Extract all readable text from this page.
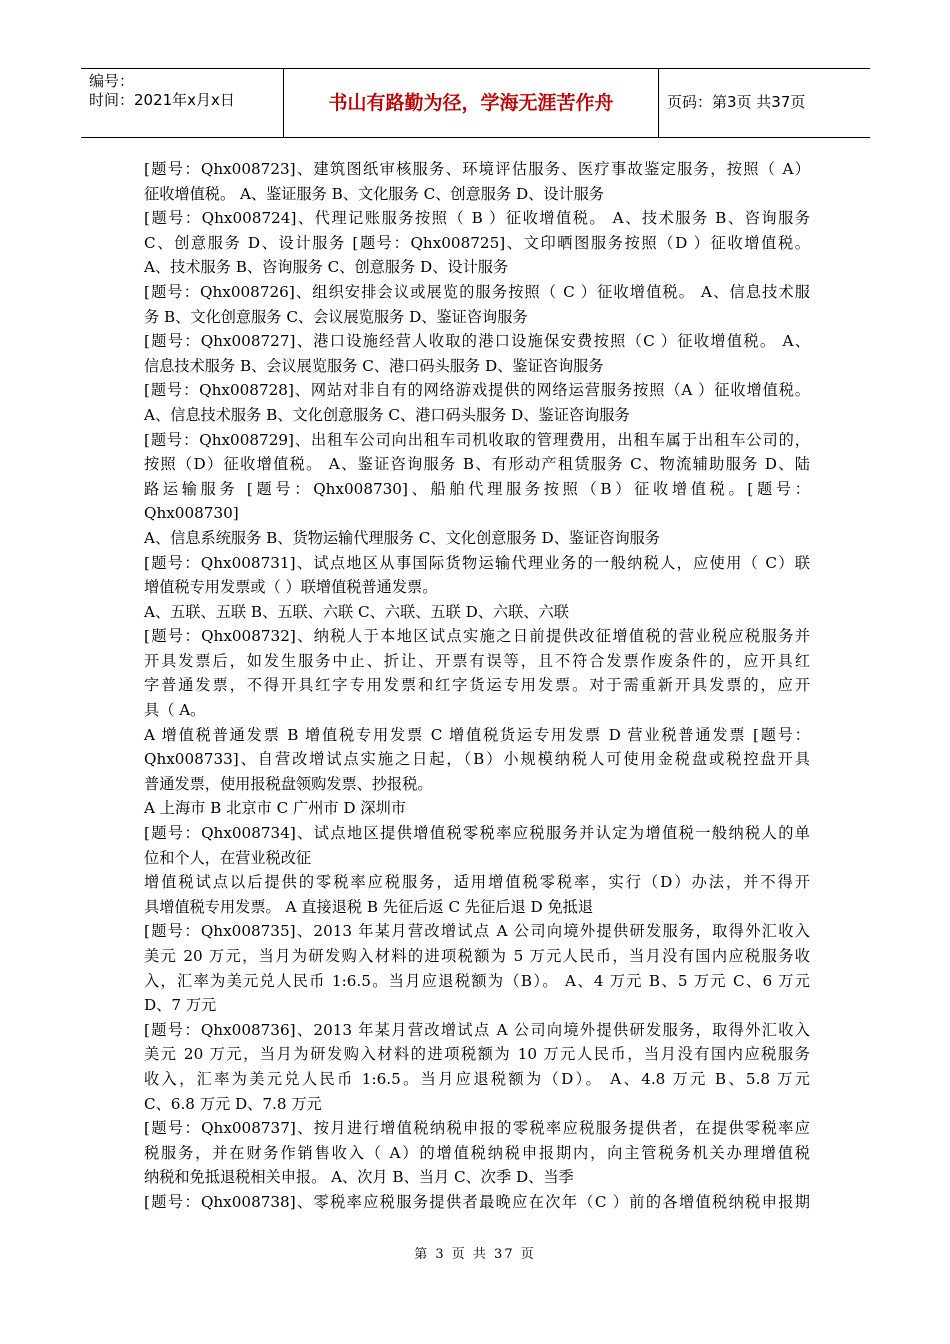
编号：
时间：2021年x月x日	书山有路勤为径，学海无涯苦作舟	页码：第3页 共37页
[题号：Qhx008723]、建筑图纸审核服务、环境评估服务、医疗事故鉴定服务，按照（ A）
征收增值税。 A、鉴证服务 B、文化服务 C、创意服务 D、设计服务
[题号：Qhx008724]、代理记账服务按照（ B ）征收增值税。 A、技术服务 B、咨询服务
C、创意服务 D、设计服务 [题号：Qhx008725]、文印晒图服务按照（D ）征收增值税。
A、技术服务 B、咨询服务 C、创意服务 D、设计服务
[题号：Qhx008726]、组织安排会议或展览的服务按照（ C ）征收增值税。 A、信息技术服
务 B、文化创意服务 C、会议展览服务 D、鉴证咨询服务
[题号：Qhx008727]、港口设施经营人收取的港口设施保安费按照（C ）征收增值税。 A、
信息技术服务 B、会议展览服务 C、港口码头服务 D、鉴证咨询服务
[题号：Qhx008728]、网站对非自有的网络游戏提供的网络运营服务按照（A ）征收增值税。
A、信息技术服务 B、文化创意服务 C、港口码头服务 D、鉴证咨询服务
[题号：Qhx008729]、出租车公司向出租车司机收取的管理费用，出租车属于出租车公司的，
按照（D）征收增值税。 A、鉴证咨询服务 B、有形动产租赁服务 C、物流辅助服务 D、陆
路运输服务 [题号：Qhx008730]、船舶代理服务按照（B）征收增值税。[题号：
Qhx008730]
A、信息系统服务 B、货物运输代理服务 C、文化创意服务 D、鉴证咨询服务
[题号：Qhx008731]、试点地区从事国际货物运输代理业务的一般纳税人，应使用（ C）联
增值税专用发票或（ ）联增值税普通发票。
A、五联、五联 B、五联、六联 C、六联、五联 D、六联、六联
[题号：Qhx008732]、纳税人于本地区试点实施之日前提供改征增值税的营业税应税服务并
开具发票后，如发生服务中止、折让、开票有误等，且不符合发票作废条件的，应开具红
字普通发票，不得开具红字专用发票和红字货运专用发票。对于需重新开具发票的，应开
具（ A。
A 增值税普通发票 B 增值税专用发票 C 增值税货运专用发票 D 营业税普通发票 [题号：
Qhx008733]、自营改增试点实施之日起，（B）小规模纳税人可使用金税盘或税控盘开具
普通发票，使用报税盘领购发票、抄报税。
A 上海市 B 北京市 C 广州市 D 深圳市
[题号：Qhx008734]、试点地区提供增值税零税率应税服务并认定为增值税一般纳税人的单
位和个人，在营业税改征
增值税试点以后提供的零税率应税服务，适用增值税零税率，实行（D）办法，并不得开
具增值税专用发票。 A 直接退税 B 先征后返 C 先征后退 D 免抵退
[题号：Qhx008735]、2013 年某月营改增试点 A 公司向境外提供研发服务，取得外汇收入
美元 20 万元，当月为研发购入材料的进项税额为 5 万元人民币，当月没有国内应税服务收
入，汇率为美元兑人民币 1:6.5。当月应退税额为（B）。 A、4 万元 B、5 万元 C、6 万元
D、7 万元
[题号：Qhx008736]、2013 年某月营改增试点 A 公司向境外提供研发服务，取得外汇收入
美元 20 万元，当月为研发购入材料的进项税额为 10 万元人民币，当月没有国内应税服务
收入，汇率为美元兑人民币 1:6.5。当月应退税额为（D）。 A、4.8 万元 B、5.8 万元
C、6.8 万元 D、7.8 万元
[题号：Qhx008737]、按月进行增值税纳税申报的零税率应税服务提供者，在提供零税率应
税服务，并在财务作销售收入（ A）的增值税纳税申报期内，向主管税务机关办理增值税
纳税和免抵退税相关申报。 A、次月 B、当月 C、次季 D、当季
[题号：Qhx008738]、零税率应税服务提供者最晚应在次年（C ）前的各增值税纳税申报期
第 3 页 共 37 页
